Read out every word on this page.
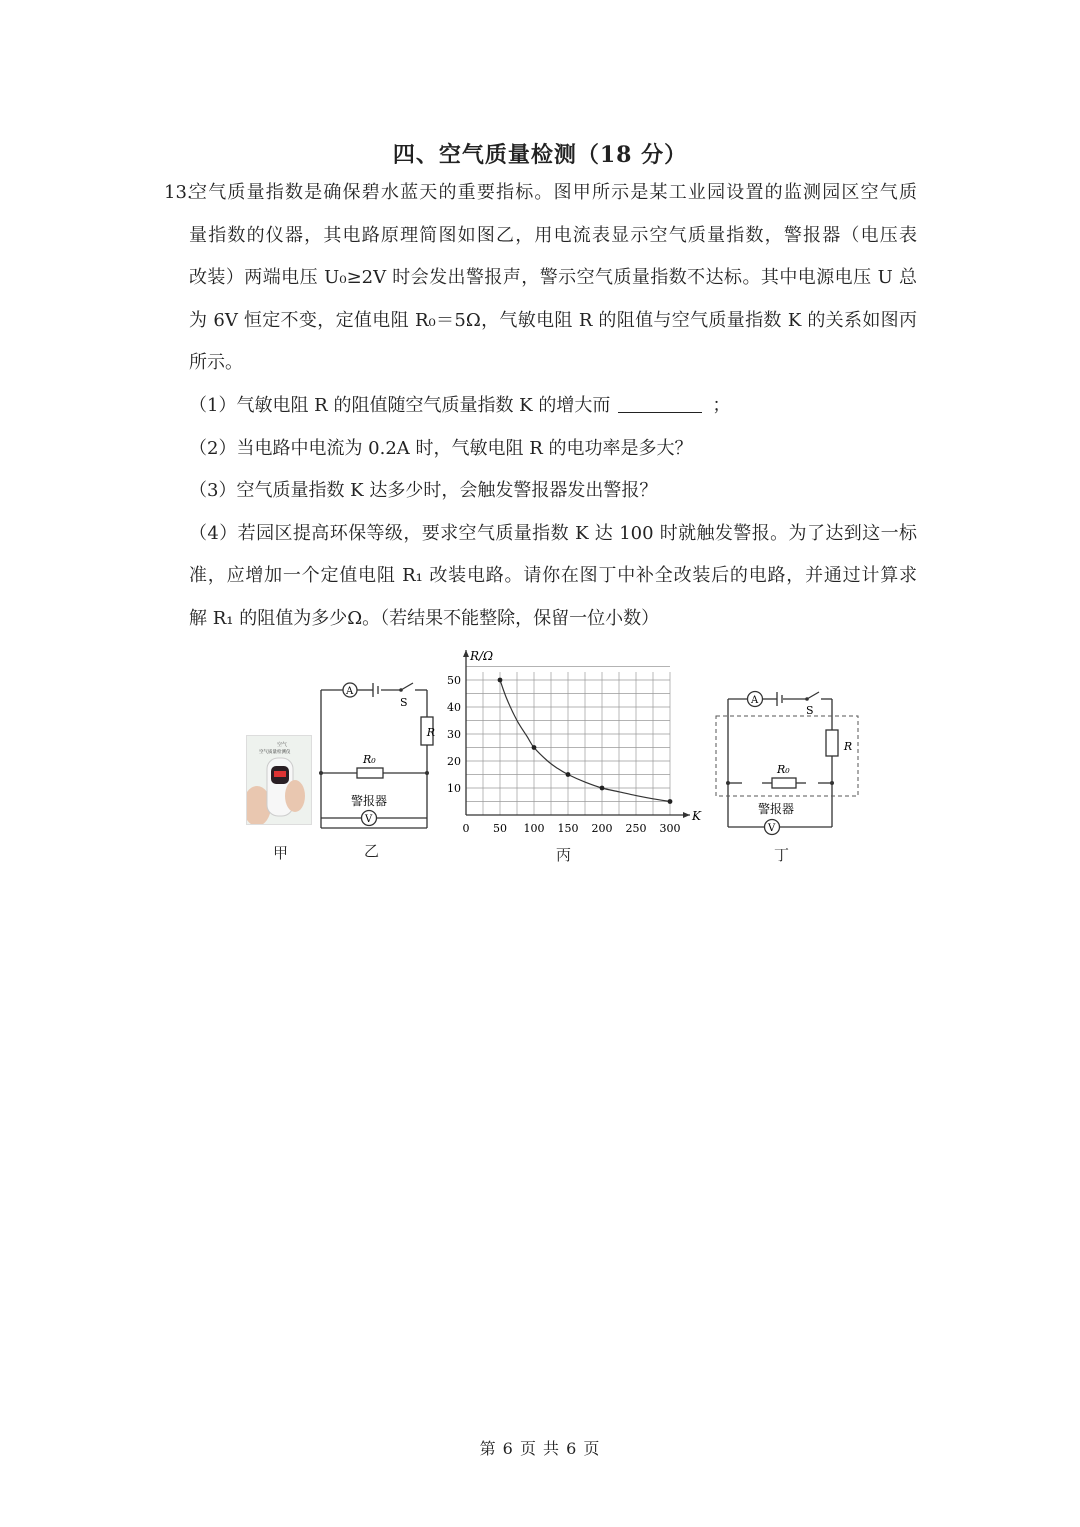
四、空气质量检测（18 分）
13.
空气质量指数是确保碧水蓝天的重要指标。图甲所示是某工业园设置的监测园区空气质
量指数的仪器，其电路原理简图如图乙，用电流表显示空气质量指数，警报器（电压表
改装）两端电压 U₀≥2V 时会发出警报声，警示空气质量指数不达标。其中电源电压 U 总
为 6V 恒定不变，定值电阻 R₀＝5Ω，气敏电阻 R 的阻值与空气质量指数 K 的关系如图丙
所示。
（1）气敏电阻 R 的阻值随空气质量指数 K 的增大而	；
（2）当电路中电流为 0.2A 时，气敏电阻 R 的电功率是多大？
（3）空气质量指数 K 达多少时，会触发警报器发出警报？
（4）若园区提高环保等级，要求空气质量指数 K 达 100 时就触发警报。为了达到这一标
准，应增加一个定值电阻 R₁ 改装电路。请你在图丁中补全改装后的电路，并通过计算求
解 R₁ 的阻值为多少Ω。（若结果不能整除，保留一位小数）
空气
空气质量检测仪
甲
A
S
R
R₀
警报器
V
乙
0 50 100 150 200 250 300
10
20
30
40
50
R/Ω
K
丙
A
S
R
R₀
警报器
V
丁
第 6 页 共 6 页
